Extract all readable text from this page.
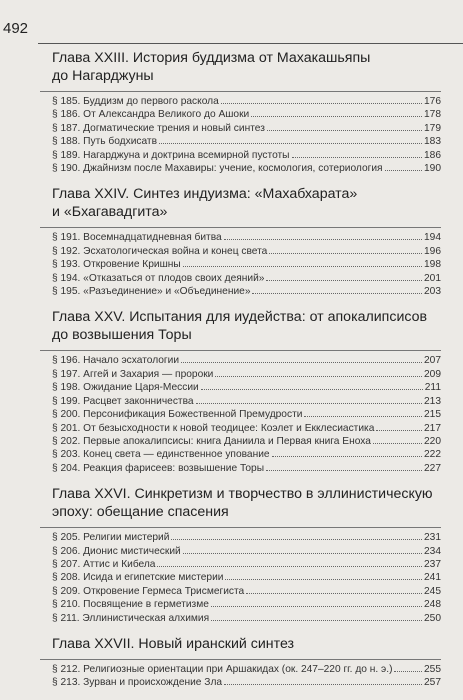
492
Глава XXIII. История буддизма от Махакашьяпы
до Нагарджуны
§ 185. Буддизм до первого раскола	176
§ 186. От Александра Великого до Ашоки	178
§ 187. Догматические трения и новый синтез	179
§ 188. Путь бодхисатв	183
§ 189. Нагарджуна и доктрина всемирной пустоты	186
§ 190. Джайнизм после Махавиры: учение, космология, сотериология	190
Глава XXIV. Синтез индуизма: «Махабхарата»
и «Бхагавадгита»
§ 191. Восемнадцатидневная битва	194
§ 192. Эсхатологическая война и конец света	196
§ 193. Откровение Кришны	198
§ 194. «Отказаться от плодов своих деяний»	201
§ 195. «Разъединение» и «Объединение»	203
Глава XXV. Испытания для иудейства: от апокалипсисов
до возвышения Торы
§ 196. Начало эсхатологии	207
§ 197. Аггей и Захария — пророки	209
§ 198. Ожидание Царя-Мессии	211
§ 199. Расцвет законничества	213
§ 200. Персонификация Божественной Премудрости	215
§ 201. От безысходности к новой теодицее: Коэлет и Екклесиастика	217
§ 202. Первые апокалипсисы: книга Даниила и Первая книга Еноха	220
§ 203. Конец света — единственное упование	222
§ 204. Реакция фарисеев: возвышение Торы	227
Глава XXVI. Синкретизм и творчество в эллинистическую
эпоху: обещание спасения
§ 205. Религии мистерий	231
§ 206. Дионис мистический	234
§ 207. Аттис и Кибела	237
§ 208. Исида и египетские мистерии	241
§ 209. Откровение Гермеса Трисмегиста	245
§ 210. Посвящение в герметизме	248
§ 211. Эллинистическая алхимия	250
Глава XXVII. Новый иранский синтез
§ 212. Религиозные ориентации при Аршакидах (ок. 247–220 гг. до н. э.)	255
§ 213. Зурван и происхождение Зла	257
